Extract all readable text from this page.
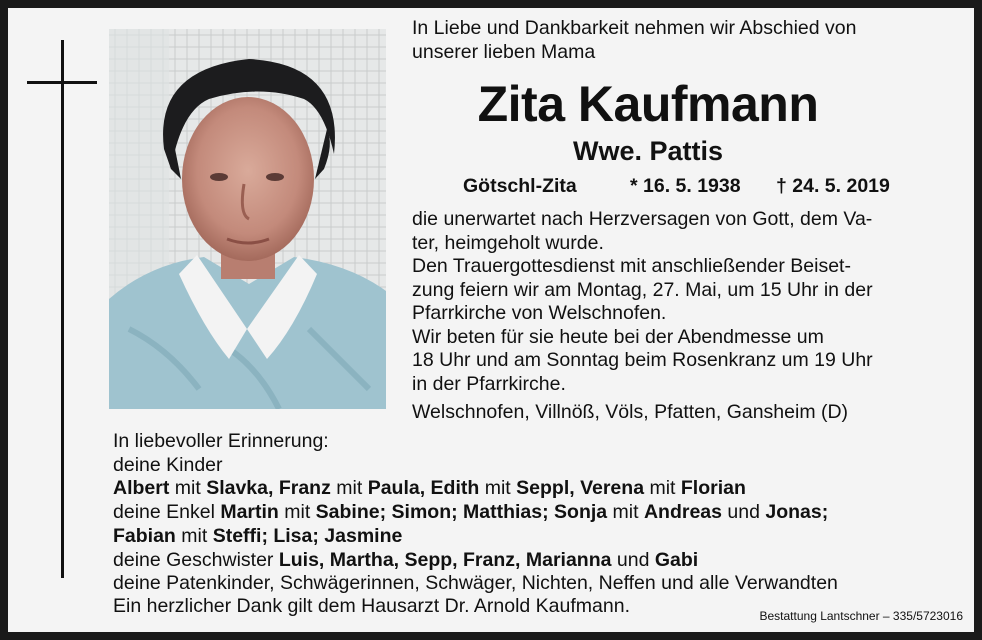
In Liebe und Dankbarkeit nehmen wir Abschied von
unserer lieben Mama
Zita Kaufmann
Wwe. Pattis
Götschl-Zita	* 16. 5. 1938 † 24. 5. 2019
die unerwartet nach Herzversagen von Gott, dem Va-
ter, heimgeholt wurde.
Den Trauergottesdienst mit anschließender Beiset-
zung feiern wir am Montag, 27. Mai, um 15 Uhr in der
Pfarrkirche von Welschnofen.
Wir beten für sie heute bei der Abendmesse um
18 Uhr und am Sonntag beim Rosenkranz um 19 Uhr
in der Pfarrkirche.
Welschnofen, Villnöß, Völs, Pfatten, Gansheim (D)
In liebevoller Erinnerung:
deine Kinder
Albert mit Slavka, Franz mit Paula, Edith mit Seppl, Verena mit Florian
deine Enkel Martin mit Sabine; Simon; Matthias; Sonja mit Andreas und Jonas;
Fabian mit Steffi; Lisa; Jasmine
deine Geschwister Luis, Martha, Sepp, Franz, Marianna und Gabi
deine Patenkinder, Schwägerinnen, Schwäger, Nichten, Neffen und alle Verwandten
Ein herzlicher Dank gilt dem Hausarzt Dr. Arnold Kaufmann.	Bestattung Lantschner – 335/5723016
